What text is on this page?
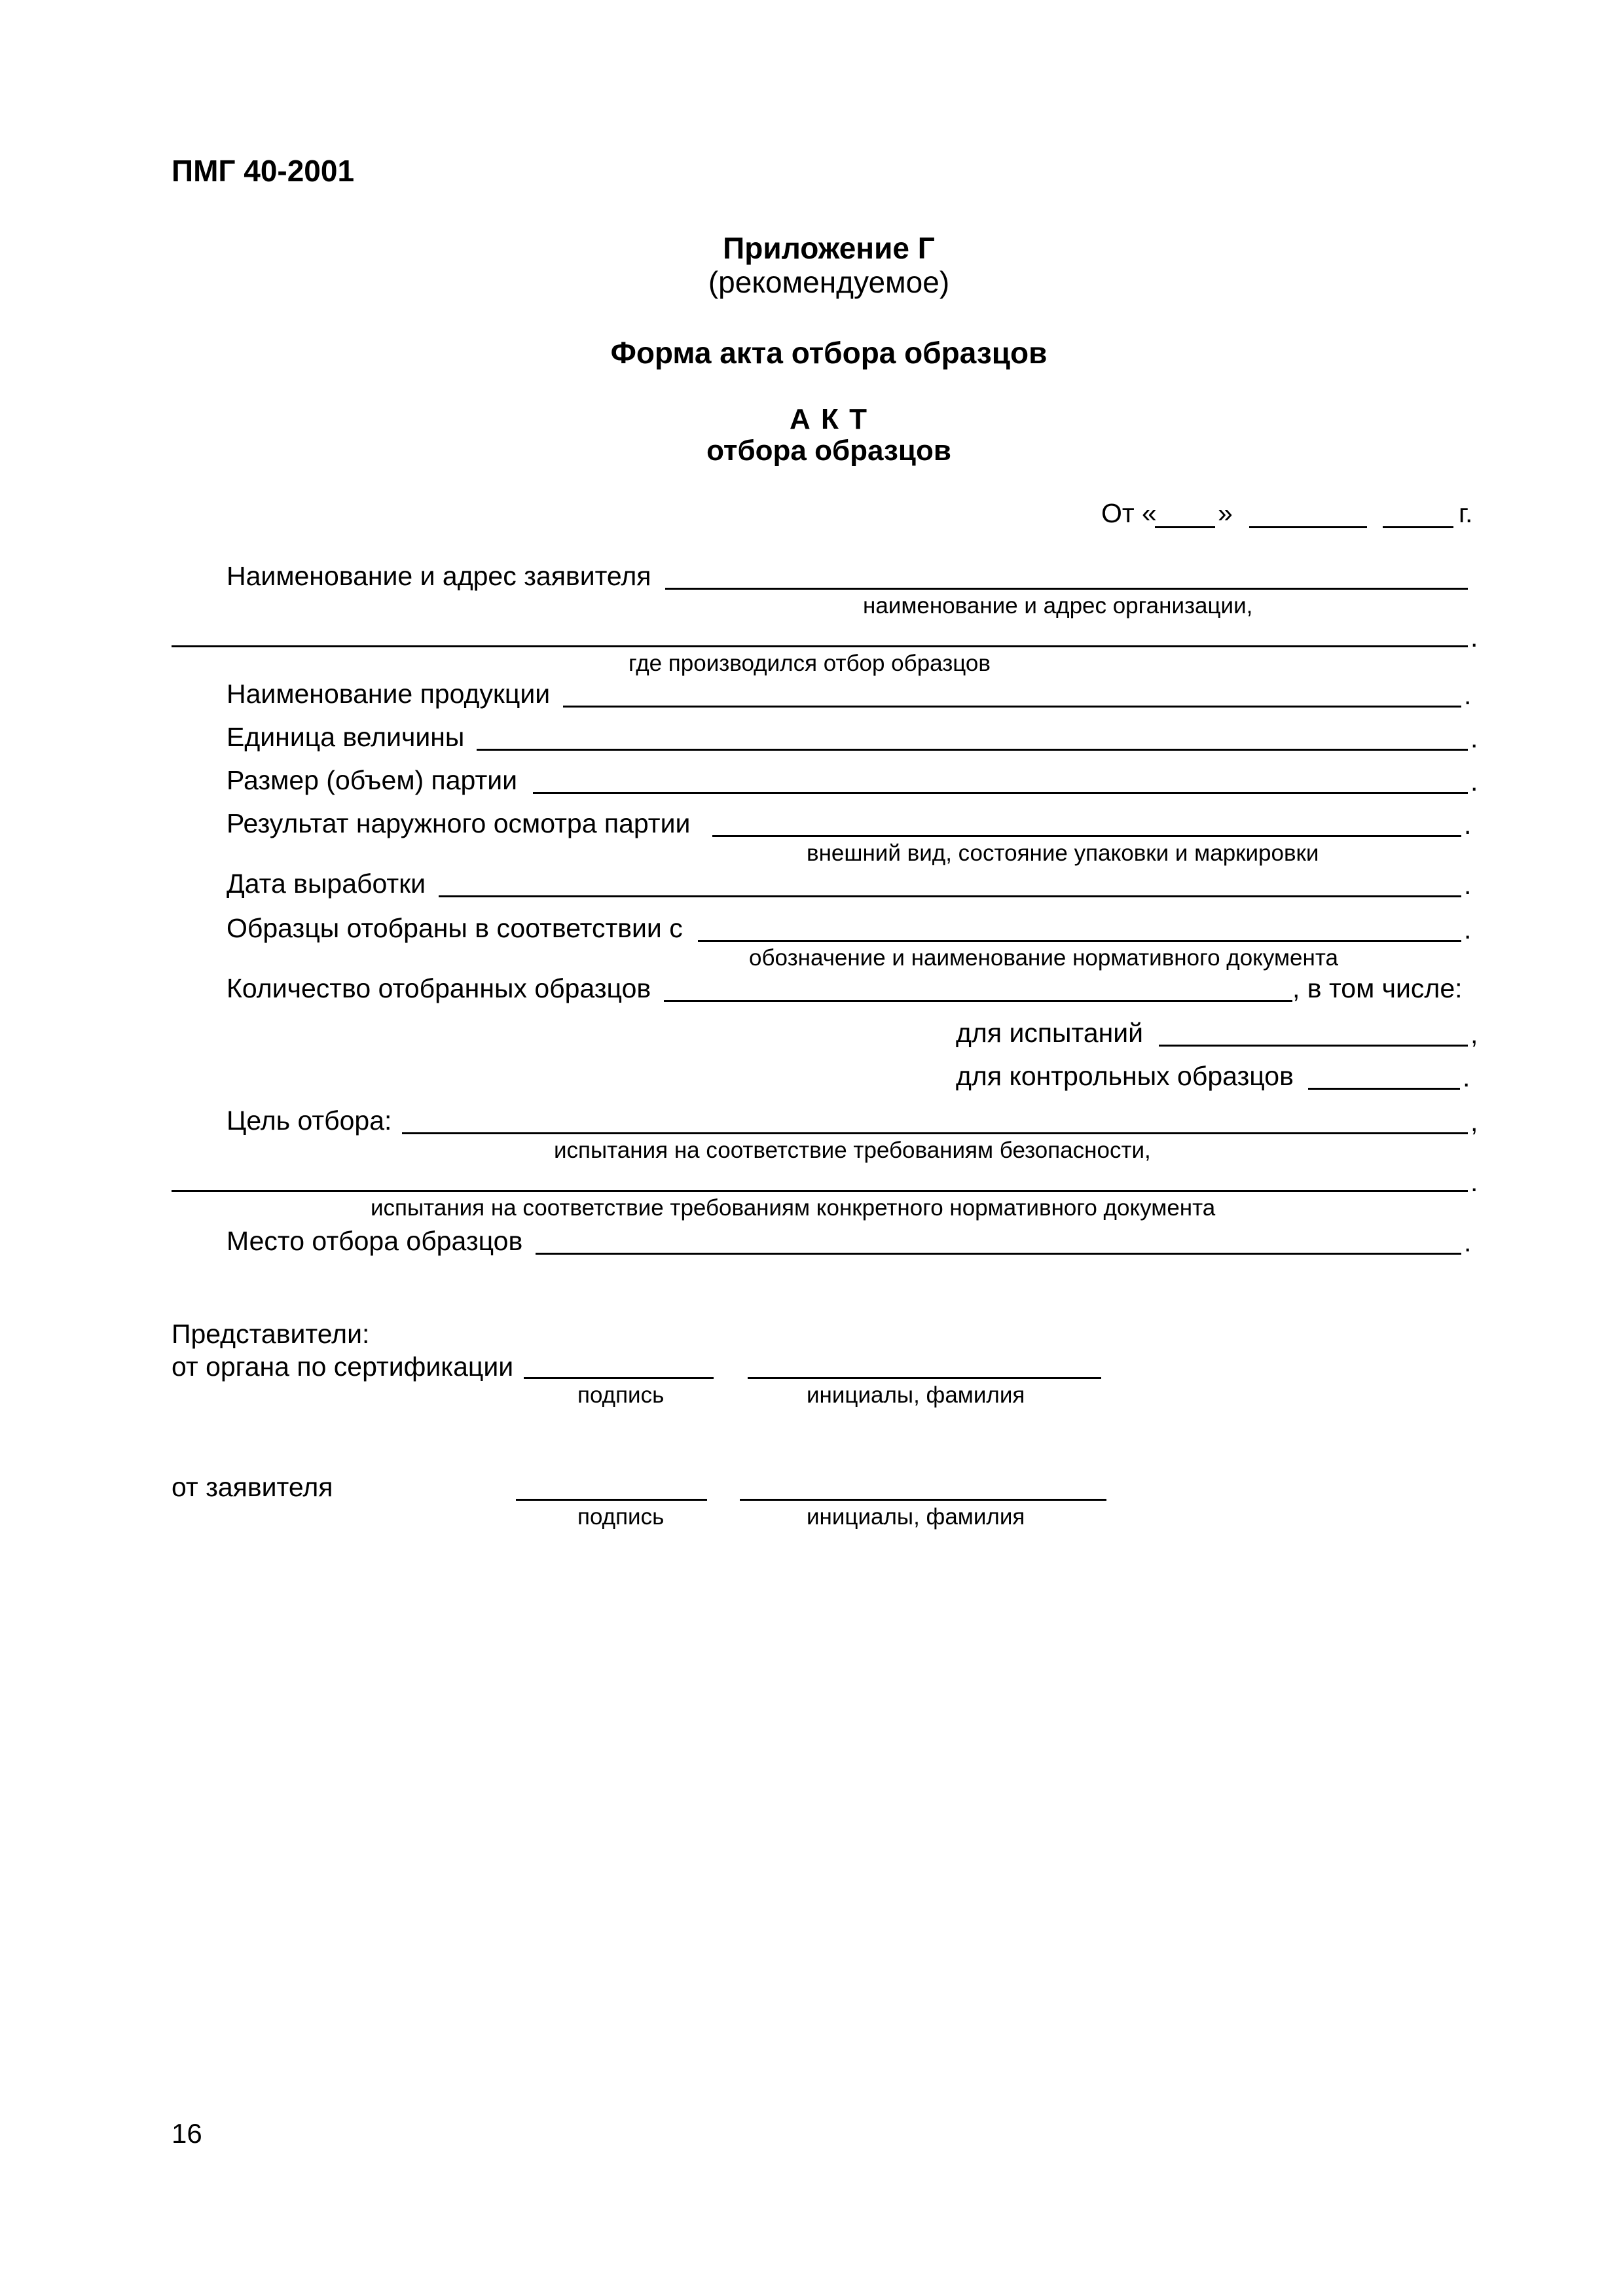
ПМГ 40-2001
Приложение Г
(рекомендуемое)
Форма акта отбора образцов
А К Т
отбора образцов
От « »	г.
Наименование и адрес заявителя
наименование и адрес организации,
.
где производился отбор образцов
Наименование продукции	.
Единица величины	.
Размер (объем) партии	.
Результат наружного осмотра партии	.
внешний вид, состояние упаковки и маркировки
Дата выработки	.
Образцы отобраны в соответствии с	.
обозначение и наименование нормативного документа
Количество отобранных образцов	, в том числе:
для испытаний	,
для контрольных образцов	.
Цель отбора:	,
испытания на соответствие требованиям безопасности,
.
испытания на соответствие требованиям конкретного нормативного документа
Место отбора образцов	.
Представители:
от органа по сертификации
подпись	инициалы, фамилия
от заявителя
подпись	инициалы, фамилия
16
